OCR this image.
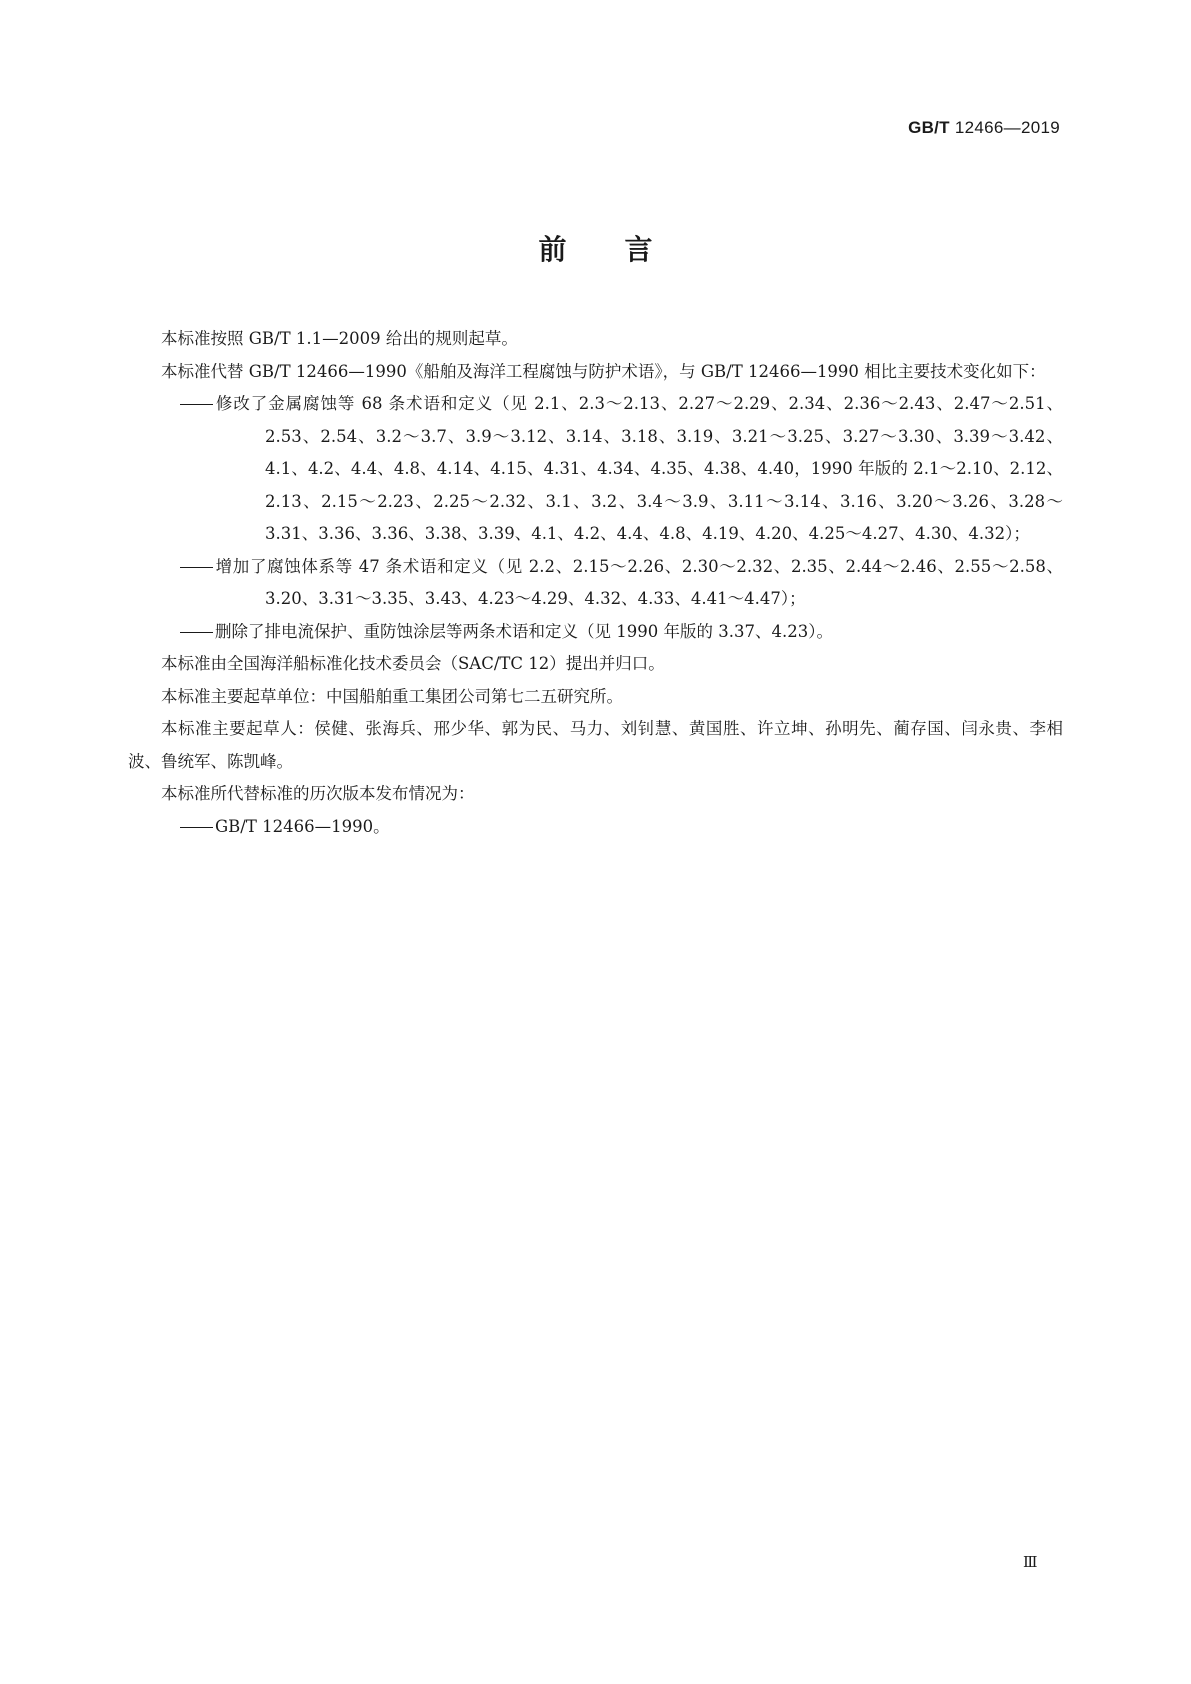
GB/T 12466—2019
前言
本标准按照 GB/T 1.1—2009 给出的规则起草。
本标准代替 GB/T 12466—1990《船舶及海洋工程腐蚀与防护术语》，与 GB/T 12466—1990 相比主要技术变化如下：
修改了金属腐蚀等 68 条术语和定义（见 2.1、2.3～2.13、2.27～2.29、2.34、2.36～2.43、2.47～2.51、2.53、2.54、3.2～3.7、3.9～3.12、3.14、3.18、3.19、3.21～3.25、3.27～3.30、3.39～3.42、4.1、4.2、4.4、4.8、4.14、4.15、4.31、4.34、4.35、4.38、4.40，1990 年版的 2.1～2.10、2.12、2.13、2.15～2.23、2.25～2.32、3.1、3.2、3.4～3.9、3.11～3.14、3.16、3.20～3.26、3.28～3.31、3.36、3.36、3.38、3.39、4.1、4.2、4.4、4.8、4.19、4.20、4.25～4.27、4.30、4.32）；
增加了腐蚀体系等 47 条术语和定义（见 2.2、2.15～2.26、2.30～2.32、2.35、2.44～2.46、2.55～2.58、3.20、3.31～3.35、3.43、4.23～4.29、4.32、4.33、4.41～4.47）；
删除了排电流保护、重防蚀涂层等两条术语和定义（见 1990 年版的 3.37、4.23）。
本标准由全国海洋船标准化技术委员会（SAC/TC 12）提出并归口。
本标准主要起草单位：中国船舶重工集团公司第七二五研究所。
本标准主要起草人：侯健、张海兵、邢少华、郭为民、马力、刘钊慧、黄国胜、许立坤、孙明先、蔺存国、闫永贵、李相波、鲁统军、陈凯峰。
本标准所代替标准的历次版本发布情况为：
GB/T 12466—1990。
Ⅲ
